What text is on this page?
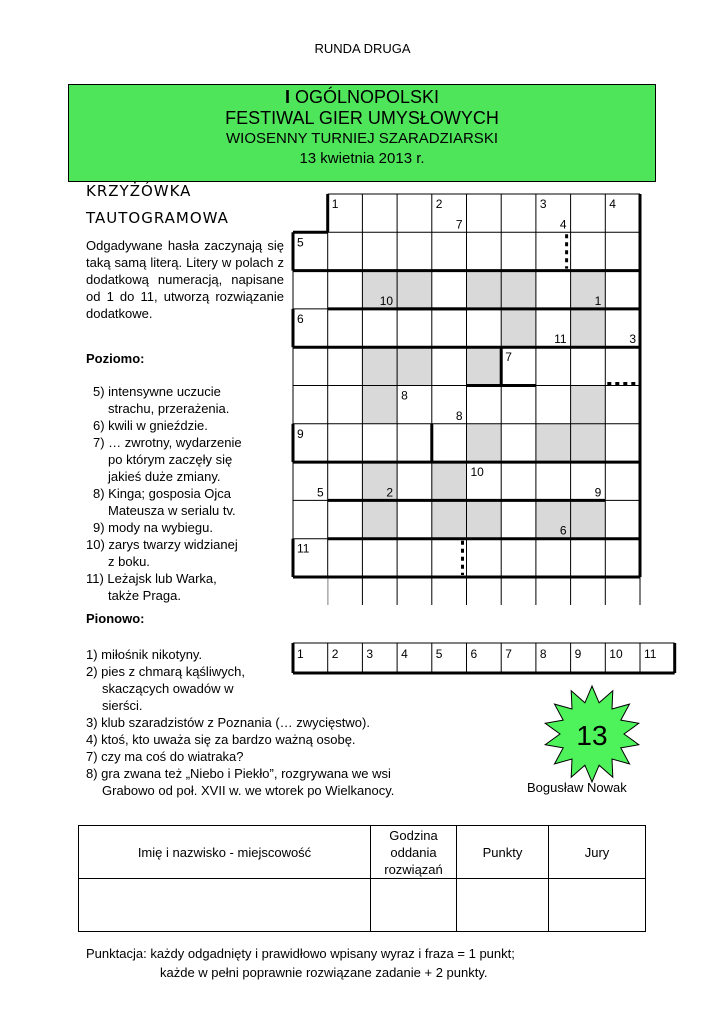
RUNDA DRUGA
I OGÓLNOPOLSKI
FESTIWAL GIER UMYSŁOWYCH
WIOSENNY TURNIEJ SZARADZIARSKI
13 kwietnia 2013 r.
KRZYŻÓWKA
TAUTOGRAMOWA
Odgadywane hasła zaczynają się taką samą literą. Litery w polach z dodatkową numeracją, napisane od 1 do 11, utworzą rozwiązanie dodatkowe.
Poziomo:
5) intensywne uczucie
strachu, przerażenia.
6) kwili w gnieździe.
7) … zwrotny, wydarzenie
po którym zaczęły się
jakieś duże zmiany.
8) Kinga; gosposia Ojca
Mateusza w serialu tv.
9) mody na wybiegu.
10) zarys twarzy widzianej
z boku.
11) Leżajsk lub Warka,
także Praga.
Pionowo:
1) miłośnik nikotyny.
2) pies z chmarą kąśliwych,
skaczących owadów w
sierści.
3) klub szaradzistów z Poznania (… zwycięstwo).
4) ktoś, kto uważa się za bardzo ważną osobę.
7) czy ma coś do wiatraka?
8) gra zwana też „Niebo i Piekło”, rozgrywana we wsi
Grabowo od poł. XVII w. we wtorek po Wielkanocy.
1	2	3	4
5
6
7
8
9
10
11
1
2
3
4
5
6
7
8
9
10
11
1 2 3 4 5 6 7 8 9 10 11
13
Bogusław Nowak
Imię i nazwisko - miejscowość	Godzina
oddania
rozwiązań	Punkty	Jury

Punktacja: każdy odgadnięty i prawidłowo wpisany wyraz i fraza = 1 punkt;
każde w pełni poprawnie rozwiązane zadanie + 2 punkty.
